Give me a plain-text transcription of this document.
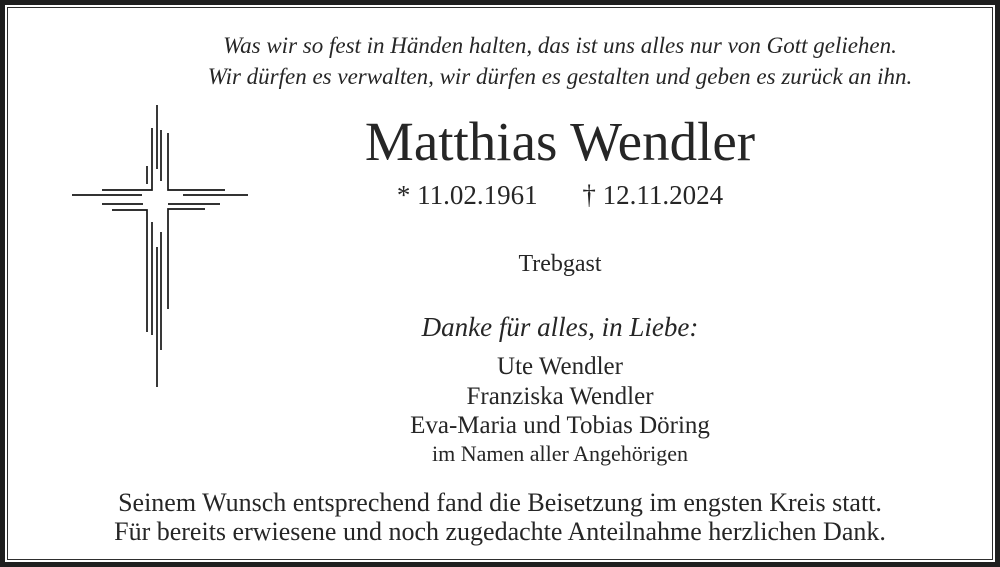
Was wir so fest in Händen halten, das ist uns alles nur von Gott geliehen.
Wir dürfen es verwalten, wir dürfen es gestalten und geben es zurück an ihn.
Matthias Wendler
* 11.02.1961 † 12.11.2024
Trebgast
Danke für alles, in Liebe:
Ute Wendler
Franziska Wendler
Eva-Maria und Tobias Döring
im Namen aller Angehörigen
Seinem Wunsch entsprechend fand die Beisetzung im engsten Kreis statt.
Für bereits erwiesene und noch zugedachte Anteilnahme herzlichen Dank.
